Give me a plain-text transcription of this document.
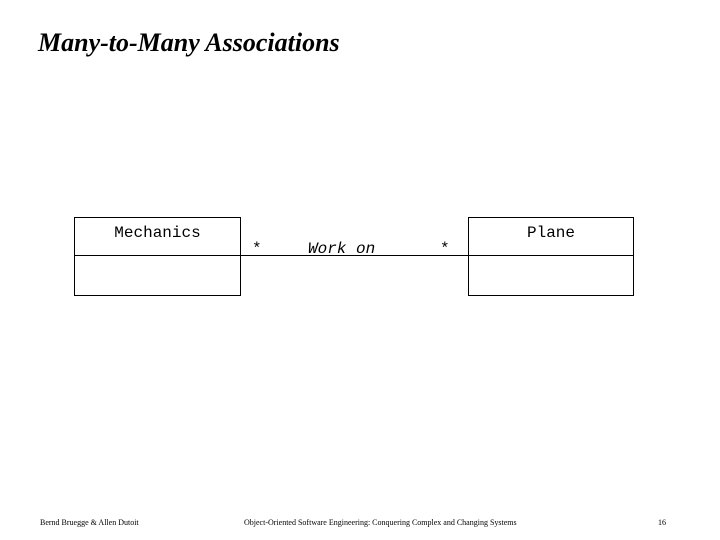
Many-to-Many Associations
Mechanics
*	Work on	*
Plane
Bernd Bruegge & Allen Dutoit	Object-Oriented Software Engineering: Conquering Complex and Changing Systems	16
